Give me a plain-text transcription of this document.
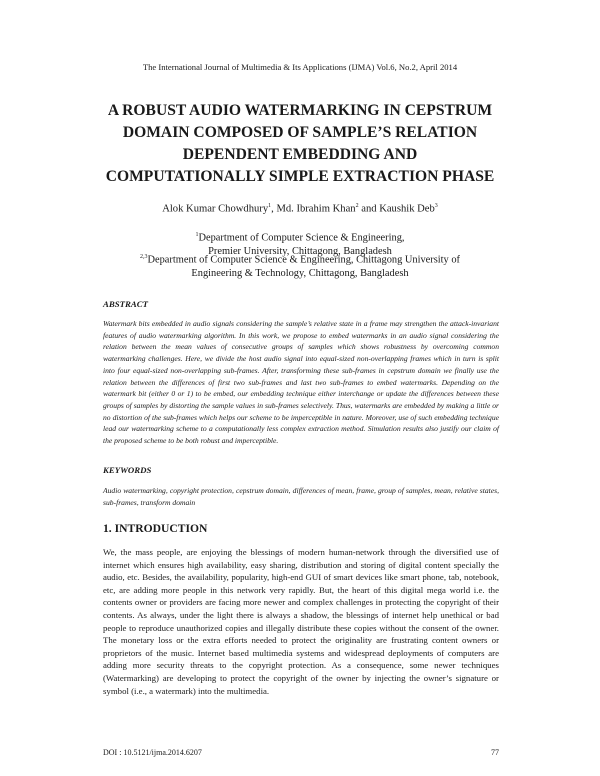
The International Journal of Multimedia & Its Applications (IJMA) Vol.6, No.2, April 2014
A ROBUST AUDIO WATERMARKING IN CEPSTRUM
DOMAIN COMPOSED OF SAMPLE’S RELATION
DEPENDENT EMBEDDING AND
COMPUTATIONALLY SIMPLE EXTRACTION PHASE
Alok Kumar Chowdhury$^1$, Md. Ibrahim Khan$^2$ and Kaushik Deb$^3$
$^1$Department of Computer Science & Engineering,
Premier University, Chittagong, Bangladesh
$^{2,3}$Department of Computer Science & Engineering, Chittagong University of
Engineering & Technology, Chittagong, Bangladesh
ABSTRACT
Watermark bits embedded in audio signals considering the sample’s relative state in a frame may strengthen the attack-invariant features of audio watermarking algorithm. In this work, we propose to embed watermarks in an audio signal considering the relation between the mean values of consecutive groups of samples which shows robustness by overcoming common watermarking challenges. Here, we divide the host audio signal into equal-sized non-overlapping frames which in turn is split into four equal-sized non-overlapping sub-frames. After, transforming these sub-frames in cepstrum domain we finally use the relation between the differences of first two sub-frames and last two sub-frames to embed watermarks. Depending on the watermark bit (either 0 or 1) to be embed, our embedding technique either interchange or update the differences between these groups of samples by distorting the sample values in sub-frames selectively. Thus, watermarks are embedded by making a little or no distortion of the sub-frames which helps our scheme to be imperceptible in nature. Moreover, use of such embedding technique lead our watermarking scheme to a computationally less complex extraction method. Simulation results also justify our claim of the proposed scheme to be both robust and imperceptible.
KEYWORDS
Audio watermarking, copyright protection, cepstrum domain, differences of mean, frame, group of samples, mean, relative states, sub-frames, transform domain
1. INTRODUCTION
We, the mass people, are enjoying the blessings of modern human-network through the diversified use of internet which ensures high availability, easy sharing, distribution and storing of digital content specially the audio, etc. Besides, the availability, popularity, high-end GUI of smart devices like smart phone, tab, notebook, etc, are adding more people in this network very rapidly. But, the heart of this digital mega world i.e. the contents owner or providers are facing more newer and complex challenges in protecting the copyright of their contents. As always, under the light there is always a shadow, the blessings of internet help unethical or bad people to reproduce unauthorized copies and illegally distribute these copies without the consent of the owner. The monetary loss or the extra efforts needed to protect the originality are frustrating content owners or proprietors of the music. Internet based multimedia systems and widespread deployments of computers are adding more security threats to the copyright protection. As a consequence, some newer techniques (Watermarking) are developing to protect the copyright of the owner by injecting the owner’s signature or symbol (i.e., a watermark) into the multimedia.
DOI : 10.5121/ijma.2014.6207	77
